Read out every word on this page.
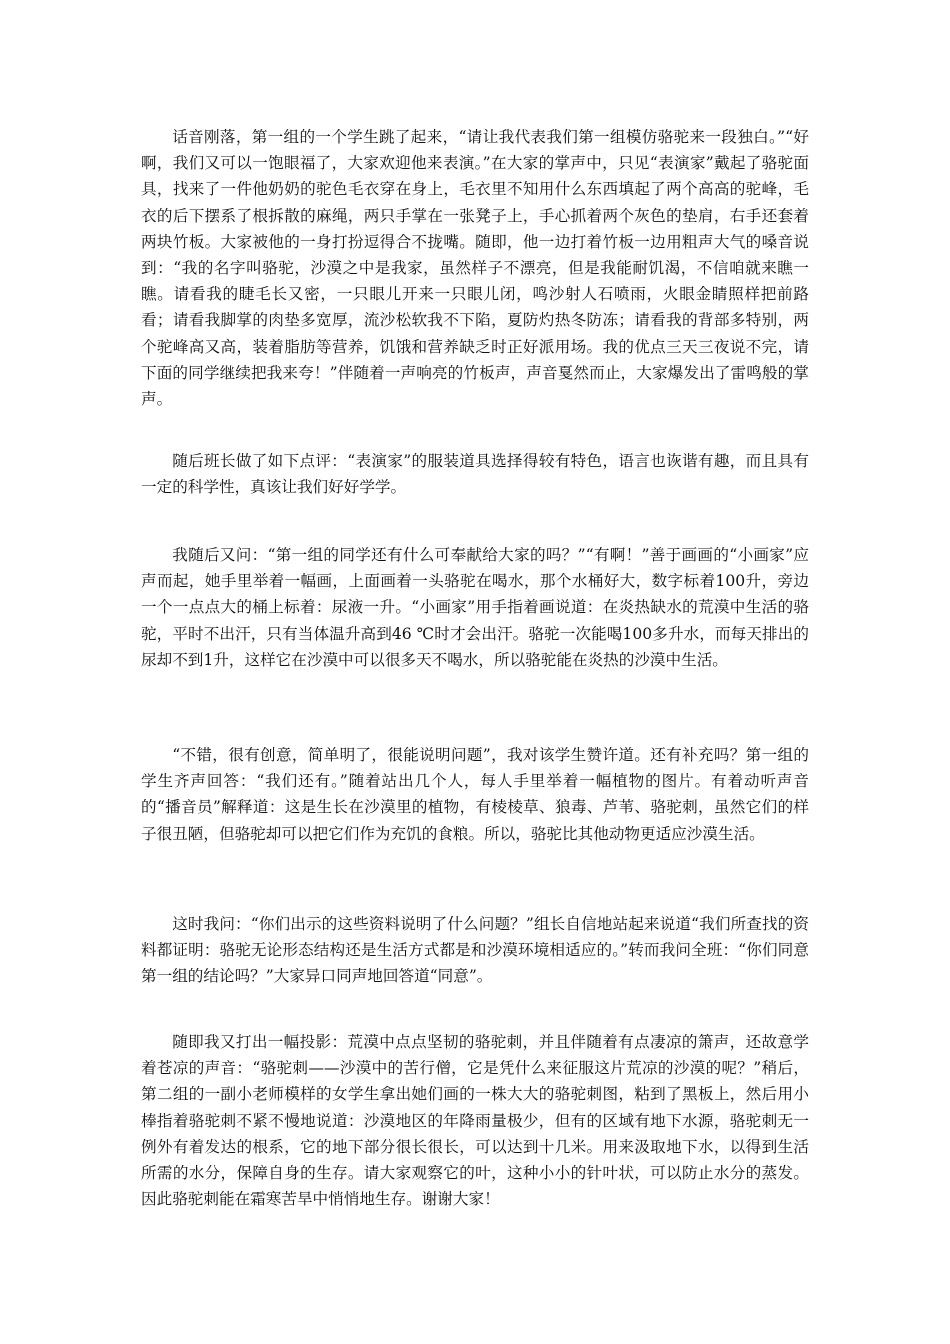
话音刚落，第一组的一个学生跳了起来，“请让我代表我们第一组模仿骆驼来一段独白。”“好啊，我们又可以一饱眼福了，大家欢迎他来表演。”在大家的掌声中，只见“表演家”戴起了骆驼面具，找来了一件他奶奶的驼色毛衣穿在身上，毛衣里不知用什么东西填起了两个高高的驼峰，毛衣的后下摆系了根拆散的麻绳，两只手掌在一张凳子上，手心抓着两个灰色的垫肩，右手还套着两块竹板。大家被他的一身打扮逗得合不拢嘴。随即，他一边打着竹板一边用粗声大气的嗓音说到：“我的名字叫骆驼，沙漠之中是我家，虽然样子不漂亮，但是我能耐饥渴，不信咱就来瞧一瞧。请看我的睫毛长又密，一只眼儿开来一只眼儿闭，鸣沙射人石喷雨，火眼金睛照样把前路看；请看我脚掌的肉垫多宽厚，流沙松软我不下陷，夏防灼热冬防冻；请看我的背部多特别，两个驼峰高又高，装着脂肪等营养，饥饿和营养缺乏时正好派用场。我的优点三天三夜说不完，请下面的同学继续把我来夸！”伴随着一声响亮的竹板声，声音戛然而止，大家爆发出了雷鸣般的掌声。

随后班长做了如下点评：“表演家”的服装道具选择得较有特色，语言也诙谐有趣，而且具有一定的科学性，真该让我们好好学学。

我随后又问：“第一组的同学还有什么可奉献给大家的吗？”“有啊！”善于画画的“小画家”应声而起，她手里举着一幅画，上面画着一头骆驼在喝水，那个水桶好大，数字标着100升，旁边一个一点点大的桶上标着：尿液一升。“小画家”用手指着画说道：在炎热缺水的荒漠中生活的骆驼，平时不出汗，只有当体温升高到46 ℃时才会出汗。骆驼一次能喝100多升水，而每天排出的尿却不到1升，这样它在沙漠中可以很多天不喝水，所以骆驼能在炎热的沙漠中生活。

“不错，很有创意，简单明了，很能说明问题”，我对该学生赞许道。还有补充吗？第一组的学生齐声回答：“我们还有。”随着站出几个人，每人手里举着一幅植物的图片。有着动听声音的“播音员”解释道：这是生长在沙漠里的植物，有棱棱草、狼毒、芦苇、骆驼刺，虽然它们的样子很丑陋，但骆驼却可以把它们作为充饥的食粮。所以，骆驼比其他动物更适应沙漠生活。

这时我问：“你们出示的这些资料说明了什么问题？”组长自信地站起来说道“我们所查找的资料都证明：骆驼无论形态结构还是生活方式都是和沙漠环境相适应的。”转而我问全班：“你们同意第一组的结论吗？”大家异口同声地回答道“同意”。

随即我又打出一幅投影：荒漠中点点坚韧的骆驼刺，并且伴随着有点凄凉的箫声，还故意学着苍凉的声音：“骆驼刺——沙漠中的苦行僧，它是凭什么来征服这片荒凉的沙漠的呢？”稍后，第二组的一副小老师模样的女学生拿出她们画的一株大大的骆驼刺图，粘到了黑板上，然后用小棒指着骆驼刺不紧不慢地说道：沙漠地区的年降雨量极少，但有的区域有地下水源，骆驼刺无一例外有着发达的根系，它的地下部分很长很长，可以达到十几米。用来汲取地下水，以得到生活所需的水分，保障自身的生存。请大家观察它的叶，这种小小的针叶状，可以防止水分的蒸发。因此骆驼刺能在霜寒苦旱中悄悄地生存。谢谢大家！
